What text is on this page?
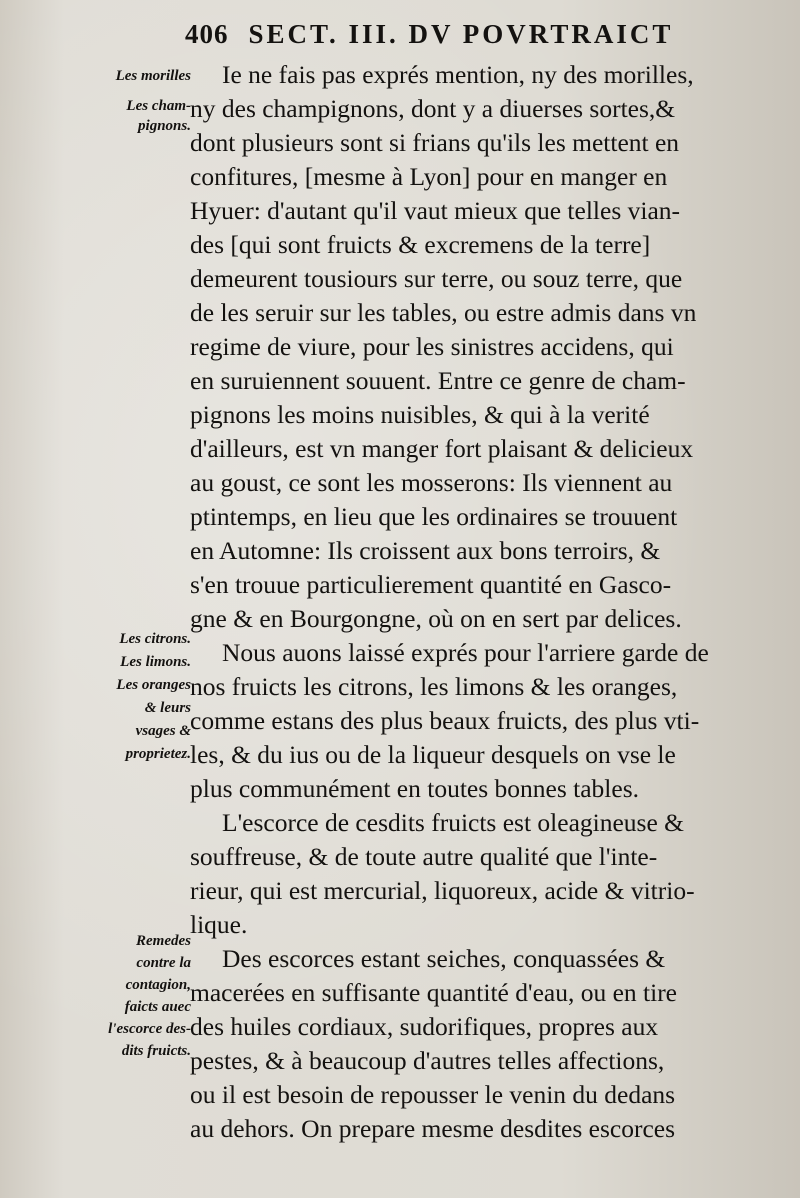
406 SECT. III. DV POVRTRAICT
Les morilles
Les cham-
pignons.
Les citrons.
Les limons.
Les oranges
& leurs
vsages &
proprietez.
Remedes
contre la
contagion,
faicts auec
l'escorce des-
dits fruicts.
Ie ne fais pas exprés mention, ny des morilles,
ny des champignons, dont y a diuerses sortes,&
dont plusieurs sont si frians qu'ils les mettent en
confitures, [mesme à Lyon] pour en manger en
Hyuer: d'autant qu'il vaut mieux que telles vian-
des [qui sont fruicts & excremens de la terre]
demeurent tousiours sur terre, ou souz terre, que
de les seruir sur les tables, ou estre admis dans vn
regime de viure, pour les sinistres accidens, qui
en suruiennent souuent. Entre ce genre de cham-
pignons les moins nuisibles, & qui à la verité
d'ailleurs, est vn manger fort plaisant & delicieux
au goust, ce sont les mosserons: Ils viennent au
ptintemps, en lieu que les ordinaires se trouuent
en Automne: Ils croissent aux bons terroirs, &
s'en trouue particulierement quantité en Gasco-
gne & en Bourgongne, où on en sert par delices.
Nous auons laissé exprés pour l'arriere garde de
nos fruicts les citrons, les limons & les oranges,
comme estans des plus beaux fruicts, des plus vti-
les, & du ius ou de la liqueur desquels on vse le
plus communément en toutes bonnes tables.
L'escorce de cesdits fruicts est oleagineuse &
souffreuse, & de toute autre qualité que l'inte-
rieur, qui est mercurial, liquoreux, acide & vitrio-
lique.
Des escorces estant seiches, conquassées &
macerées en suffisante quantité d'eau, ou en tire
des huiles cordiaux, sudorifiques, propres aux
pestes, & à beaucoup d'autres telles affections,
ou il est besoin de repousser le venin du dedans
au dehors. On prepare mesme desdites escorces
